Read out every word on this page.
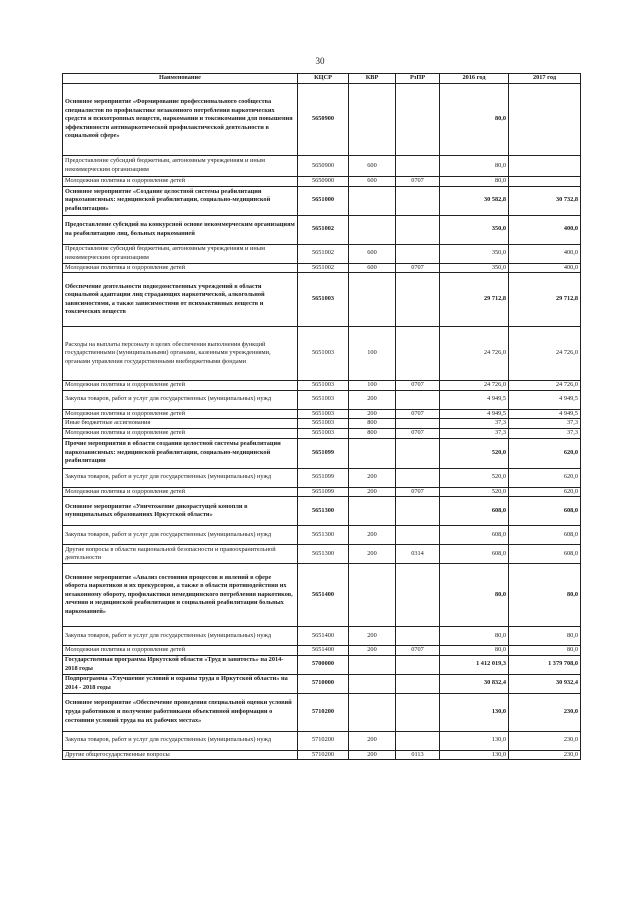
30
Наименование	КЦСР	КВР	РзПР	2016 год	2017 год
Основное мероприятие «Формирование профессионального сообщества специалистов по профилактике незаконного потребления наркотических средств и психотропных веществ, наркомании и токсикомании для повышения эффективности антинаркотической профилактической деятельности в социальной сфере»	5650900			80,0	
Предоставление субсидий бюджетным, автономным учреждениям и иным некоммерческим организациям	5650900	600		80,0	
Молодежная политика и оздоровление детей	5650900	600	0707	80,0	
Основное мероприятие «Создание целостной системы реабилитации наркозависимых: медицинской реабилитации, социально-медицинской реабилитации»	5651000			30 582,8	30 732,8
Предоставление субсидий на конкурсной основе некоммерческим организациям на реабилитацию лиц, больных наркоманией	5651002			350,0	400,0
Предоставление субсидий бюджетным, автономным учреждениям и иным некоммерческим организациям	5651002	600		350,0	400,0
Молодежная политика и оздоровление детей	5651002	600	0707	350,0	400,0
Обеспечение деятельности подведомственных учреждений в области социальной адаптации лиц страдающих наркотической, алкогольной зависимостями, а также зависимостями от психоактивных веществ и токсических веществ	5651003			29 712,8	29 712,8
Расходы на выплаты персоналу в целях обеспечения выполнения функций государственными (муниципальными) органами, казенными учреждениями, органами управления государственными внебюджетными фондами	5651003	100		24 726,0	24 726,0
Молодежная политика и оздоровление детей	5651003	100	0707	24 726,0	24 726,0
Закупка товаров, работ и услуг для государственных (муниципальных) нужд	5651003	200		4 949,5	4 949,5
Молодежная политика и оздоровление детей	5651003	200	0707	4 949,5	4 949,5
Иные бюджетные ассигнования	5651003	800		37,3	37,3
Молодежная политика и оздоровление детей	5651003	800	0707	37,3	37,3
Прочие мероприятия в области создания целостной системы реабилитации наркозависимых: медицинской реабилитации, социально-медицинской реабилитации	5651099			520,0	620,0
Закупка товаров, работ и услуг для государственных (муниципальных) нужд	5651099	200		520,0	620,0
Молодежная политика и оздоровление детей	5651099	200	0707	520,0	620,0
Основное мероприятие «Уничтожение дикорастущей конопли в муниципальных образованиях Иркутской области»	5651300			608,0	608,0
Закупка товаров, работ и услуг для государственных (муниципальных) нужд	5651300	200		608,0	608,0
Другие вопросы в области национальной безопасности и правоохранительной деятельности	5651300	200	0314	608,0	608,0
Основное мероприятие «Анализ состояния процессов и явлений в сфере оборота наркотиков и их прекурсоров, а также в области противодействия их незаконному обороту, профилактики немедицинского потребления наркотиков, лечения и медицинской реабилитации и социальной реабилитации больных наркоманией»	5651400			80,0	80,0
Закупка товаров, работ и услуг для государственных (муниципальных) нужд	5651400	200		80,0	80,0
Молодежная политика и оздоровление детей	5651400	200	0707	80,0	80,0
Государственная программа Иркутской области «Труд и занятость» на 2014-2018 годы	5700000			1 412 019,3	1 379 708,0
Подпрограмма «Улучшение условий и охраны труда в Иркутской области» на 2014 - 2018 годы	5710000			30 832,4	30 932,4
Основное мероприятие «Обеспечение проведения специальной оценки условий труда работников и получение работниками объективной информации о состоянии условий труда на их рабочих местах»	5710200			130,0	230,0
Закупка товаров, работ и услуг для государственных (муниципальных) нужд	5710200	200		130,0	230,0
Другие общегосударственные вопросы	5710200	200	0113	130,0	230,0
